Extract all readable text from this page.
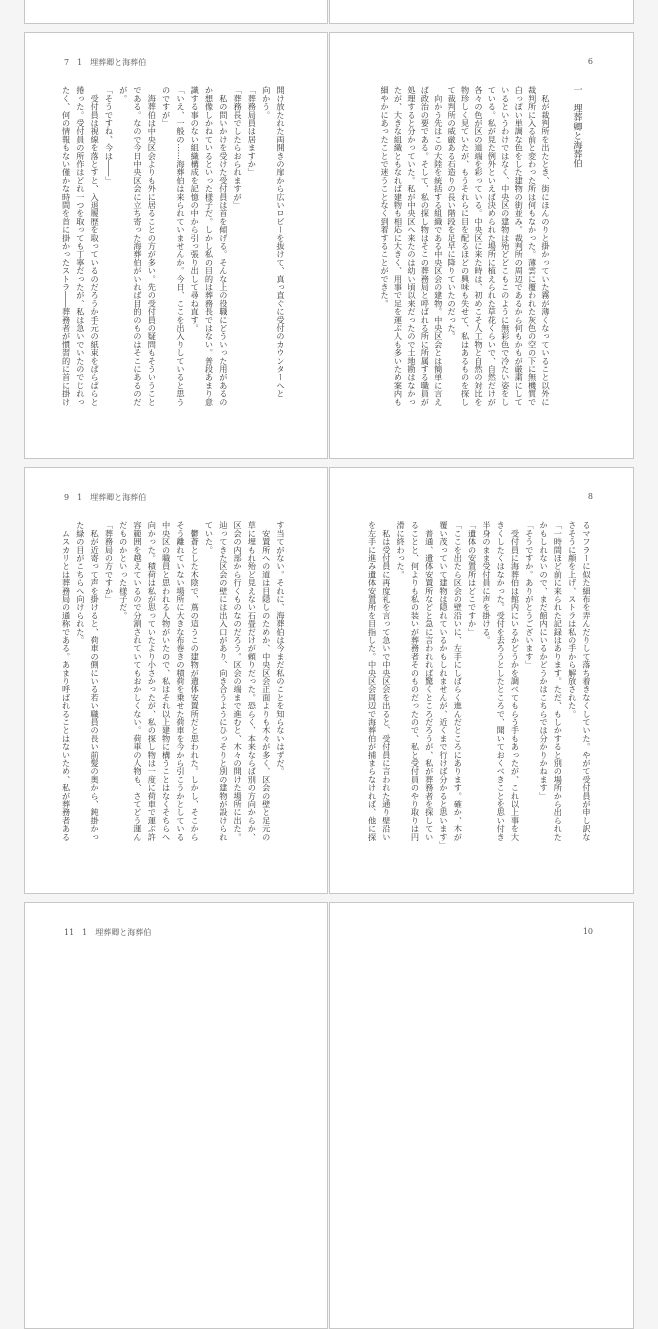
6
一　埋葬卿と海葬伯
　私が裁判所を出たとき、街にほんのりと掛かっていた霧が薄くなっていること以外に
裁判所に入る前と変わった所は何もなかった。薄雲に覆われた灰色の空の下に無機質で
白っぽい単調な色をした建物の街並み。裁判所の周辺であるから何もかもが厳粛にして
いるというわけではなく、中央区の建物は殆どどこもこのように無彩色で冷たい姿をし
ている。私が見た例外といえば決められた場所に植えられた草花くらいで、自然だけが
各々の色が区の道端を彩っている。中央区に来た時は、初めこそ人工物と自然の対比を
物珍しく見ていたが、もうそれらに目を配るほどの興味も失せて、私はあるものを探し
て裁判所の威厳ある石造りの長い階段を足早に降りていたのだった。
　向かう先はこの大陸を統括する組織である中央区会の建物。中央区会とは簡単に言え
ば政治の要である。そして、私の探し物はそこの葬務局と呼ばれる所に所属する職員が
処理すると分かっていた。私が中央区へ来たのは幼い頃以来だったので土地勘はなかっ
たが、大きな組織ともなれば建物も相応に大きく、用事で足を運ぶ人も多いため案内も
細やかにあったことで迷うことなく到着することができた。
7　1　埋葬卿と海葬伯
開け放たれた両開きの扉から広いロビーを抜けて、真っ直ぐに受付のカウンターへと
向かう。
「葬務局員は居ますか」
「葬務長でしたらおられますが」
　私の問いかけを受けた受付員は首を傾げる。そんな上の役職にどういった用があるの
か想像しかねているといった様子だ。しかし私の目的は葬務長ではない。普段あまり意
識する事のない組織構成を記憶の中から引っ張り出して尋ね直す。
「いえ、一般の……海葬伯は来られていませんか。今日、ここを出入りしていると思う
のですが」
　海葬伯は中央区会よりも外に居ることの方が多い。先の受付員の疑問もそういうこと
である。なので今日中央区会に立ち寄った海葬伯がいれば目的のものはそこにあるのだ
が。
「そうですね、今は――」
　受付員は視線を落とすと、入退履歴を取っているのだろうか手元の紙束をぱらぱらと
捲った。受付員の所作はどれ一つを取っても丁寧だったが、私は急いでいたのでじれっ
たく、何の情報もない僅かな時間を首に掛かったストラ――葬務者が慣習的に首に掛け
8
るマフラーに似た細布を弄んだりして落ち着きなくしていた。やがて受付員が申し訳な
さそうに顔を上げ、ストラは私の手から解放された。
「一時間ほど前に来られた記録はあります。ただ、もしかすると別の場所から出られた
かもしれないので、まだ館内にいるかどうかはこちらでは分かりかねます」
「そうですか。ありがとうございます」
　受付員に海葬伯は館内にいるかどうかを調べてもらう手もあったが、これ以上事を大
きくしたくはなかった。受付を去ろうとしたところで、聞いておくべきことを思い付き
半身のまま受付員に声を掛ける。
「遺体の安置所はどこですか」
「ここを出たら区会の壁沿いに、左手にしばらく進んだところにあります。確か、木が
覆い茂っていて建物は隠れているかもしれませんが、近くまで行けば分かると思います」
　普通、遺体安置所などと急に言われれば驚くところだろうが、私が葬務者を探してい
ることと、何よりも私の装いが葬務者そのものだったので、私と受付員のやり取りは円
滑に終わった。
　私は受付員に再度礼を言って急いで中央区会を出ると、受付員に言われた通り壁沿い
を左手に進み遺体安置所を目指した。中央区会周辺で海葬伯が捕まらなければ、他に探
9　1　埋葬卿と海葬伯
す当てがない。それに、海葬伯は今まだ私のことを知らないはずだ。
　安置所への道は目隠しのためか、中央区会正面よりも木々が多く、区会の壁と足元の
草に埋もれ殆ど見えない石畳だけが頼りだった。恐らく、本来ならば別の方向からか、
区会の内部から行くものなのだろう。区会の端まで進むと、木々の開けた場所に出た。
辿ってきた区会の壁には出入口があり、向き合うようにひっそりと別の建物が設けられ
ていた。
　鬱蒼とした木陰で、蔦の這うこの建物が遺体安置所だと思われた。しかし、そこから
そう離れていない場所に大きな布巻きの積荷を乗せた荷車を今から引こうかとしている
中央区の職員と思われる人物がいたので、私はそれ以上建物に構うことはなくそちらへ
向かった。積荷は私が思っていたより小さかったが、私の探し物は一度に荷車で運ぶ許
容範囲を越えているので分割されていてもおかしくない。荷車の人物も、さてどう運ん
だものかといった様子だ。
「葬務局の方ですか」
　私が近寄って声を掛けると、荷車の側にいる若い職員の長い前髪の奥から、鈍掛かっ
た緑の目がこちらへ向けられた。
　ムスカリとは葬務局の通称である。あまり呼ばれることはないため、私が葬務者ある
10
11　1　埋葬卿と海葬伯
